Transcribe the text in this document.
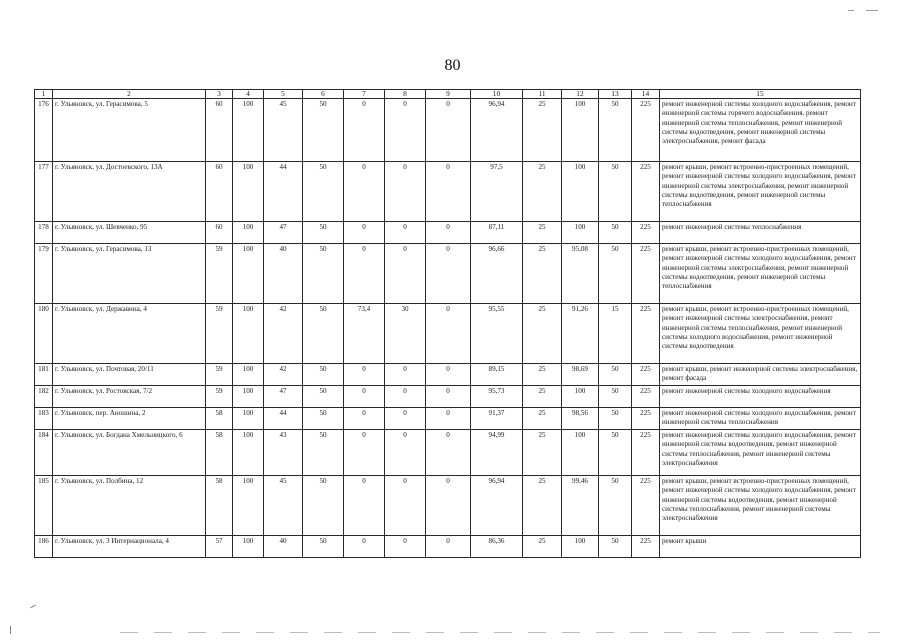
80
1	2	3	4	5	6	7	8	9	10	11	12	13	14	15
176	г. Ульяновск, ул. Герасимова, 5	60	100	45	50	0	0	0	96,94	25	100	50	225	ремонт инженерной системы холодного водоснабжения, ремонт инженерной системы горячего водоснабжения, ремонт инженерной системы теплоснабжения, ремонт инженерной системы водоотведения, ремонт инженерной системы электроснабжения, ремонт фасада
177	г. Ульяновск, ул. Достоевского, 13А	60	100	44	50	0	0	0	97,5	25	100	50	225	ремонт крыши, ремонт встроенно-пристроенных помещений, ремонт инженерной системы холодного водоснабжения, ремонт инженерной системы электроснабжения, ремонт инженерной системы водоотведения, ремонт инженерной системы теплоснабжения
178	г. Ульяновск, ул. Шевченко, 95	60	100	47	50	0	0	0	87,11	25	100	50	225	ремонт инженерной системы теплоснабжения
179	г. Ульяновск, ул. Герасимова, 13	59	100	40	50	0	0	0	96,66	25	95,08	50	225	ремонт крыши, ремонт встроенно-пристроенных помещений, ремонт инженерной системы холодного водоснабжения, ремонт инженерной системы электроснабжения, ремонт инженерной системы водоотведения, ремонт инженерной системы теплоснабжения
180	г. Ульяновск, ул. Державина, 4	59	100	42	50	73,4	30	0	95,55	25	91,26	15	225	ремонт крыши, ремонт встроенно-пристроенных помещений, ремонт инженерной системы электроснабжения, ремонт инженерной системы теплоснабжения, ремонт инженерной системы холодного водоснабжения, ремонт инженерной системы водоотведения
181	г. Ульяновск, ул. Почтовая, 20/11	59	100	42	50	0	0	0	89,15	25	98,69	50	225	ремонт крыши, ремонт инженерной системы электроснабжения, ремонт фасада
182	г. Ульяновск, ул. Ростовская, 7/2	59	100	47	50	0	0	0	95,73	25	100	50	225	ремонт инженерной системы холодного водоснабжения
183	г. Ульяновск, пер. Аношина, 2	58	100	44	50	0	0	0	91,37	25	98,56	50	225	ремонт инженерной системы холодного водоснабжения, ремонт инженерной системы теплоснабжения
184	г. Ульяновск, ул. Богдана Хмельницкого, 6	58	100	43	50	0	0	0	94,99	25	100	50	225	ремонт инженерной системы холодного водоснабжения, ремонт инженерной системы водоотведения, ремонт инженерной системы теплоснабжения, ремонт инженерной системы электроснабжения
185	г. Ульяновск, ул. Полбина, 12	58	100	45	50	0	0	0	96,94	25	99,46	50	225	ремонт крыши, ремонт встроенно-пристроенных помещений, ремонт инженерной системы холодного водоснабжения, ремонт инженерной системы водоотведения, ремонт инженерной системы теплоснабжения, ремонт инженерной системы электроснабжения
186	г. Ульяновск, ул. 3 Интернационала, 4	57	100	40	50	0	0	0	86,36	25	100	50	225	ремонт крыши
